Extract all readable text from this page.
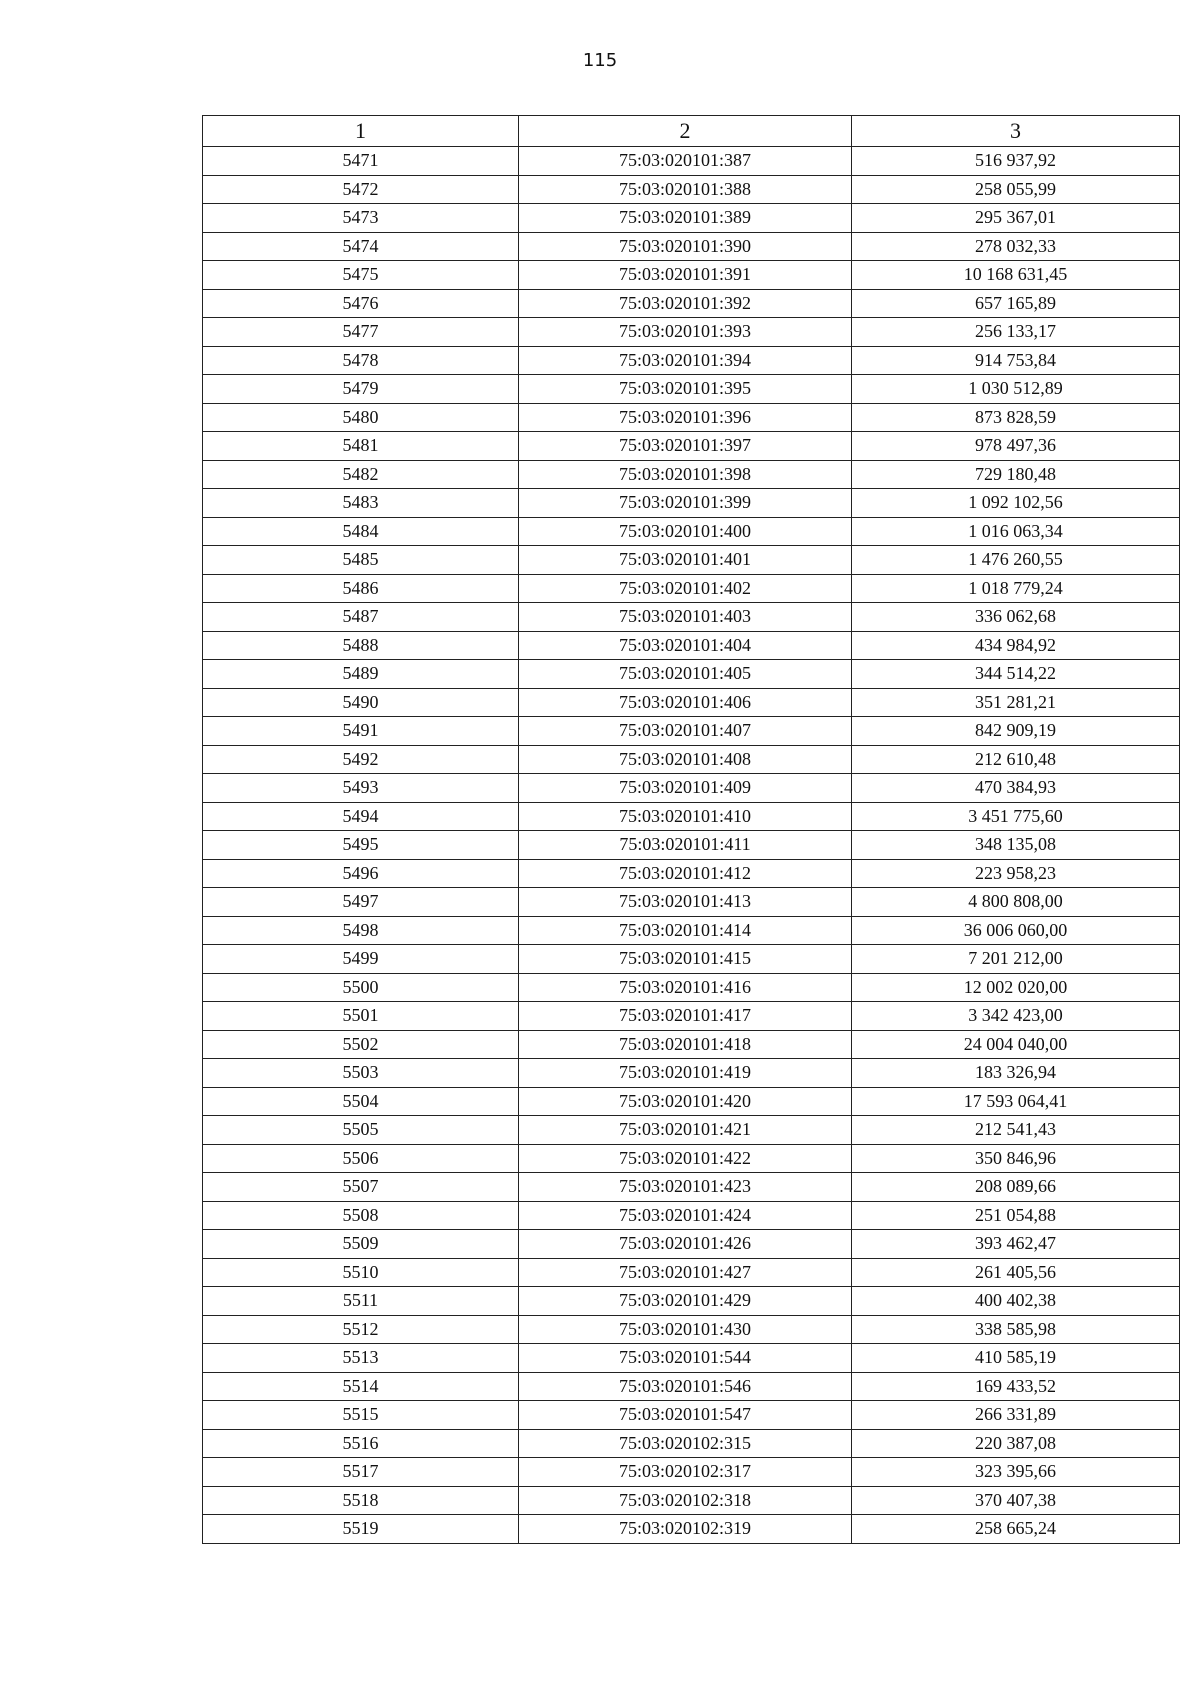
115
1	2	3
5471	75:03:020101:387	516 937,92
5472	75:03:020101:388	258 055,99
5473	75:03:020101:389	295 367,01
5474	75:03:020101:390	278 032,33
5475	75:03:020101:391	10 168 631,45
5476	75:03:020101:392	657 165,89
5477	75:03:020101:393	256 133,17
5478	75:03:020101:394	914 753,84
5479	75:03:020101:395	1 030 512,89
5480	75:03:020101:396	873 828,59
5481	75:03:020101:397	978 497,36
5482	75:03:020101:398	729 180,48
5483	75:03:020101:399	1 092 102,56
5484	75:03:020101:400	1 016 063,34
5485	75:03:020101:401	1 476 260,55
5486	75:03:020101:402	1 018 779,24
5487	75:03:020101:403	336 062,68
5488	75:03:020101:404	434 984,92
5489	75:03:020101:405	344 514,22
5490	75:03:020101:406	351 281,21
5491	75:03:020101:407	842 909,19
5492	75:03:020101:408	212 610,48
5493	75:03:020101:409	470 384,93
5494	75:03:020101:410	3 451 775,60
5495	75:03:020101:411	348 135,08
5496	75:03:020101:412	223 958,23
5497	75:03:020101:413	4 800 808,00
5498	75:03:020101:414	36 006 060,00
5499	75:03:020101:415	7 201 212,00
5500	75:03:020101:416	12 002 020,00
5501	75:03:020101:417	3 342 423,00
5502	75:03:020101:418	24 004 040,00
5503	75:03:020101:419	183 326,94
5504	75:03:020101:420	17 593 064,41
5505	75:03:020101:421	212 541,43
5506	75:03:020101:422	350 846,96
5507	75:03:020101:423	208 089,66
5508	75:03:020101:424	251 054,88
5509	75:03:020101:426	393 462,47
5510	75:03:020101:427	261 405,56
5511	75:03:020101:429	400 402,38
5512	75:03:020101:430	338 585,98
5513	75:03:020101:544	410 585,19
5514	75:03:020101:546	169 433,52
5515	75:03:020101:547	266 331,89
5516	75:03:020102:315	220 387,08
5517	75:03:020102:317	323 395,66
5518	75:03:020102:318	370 407,38
5519	75:03:020102:319	258 665,24
